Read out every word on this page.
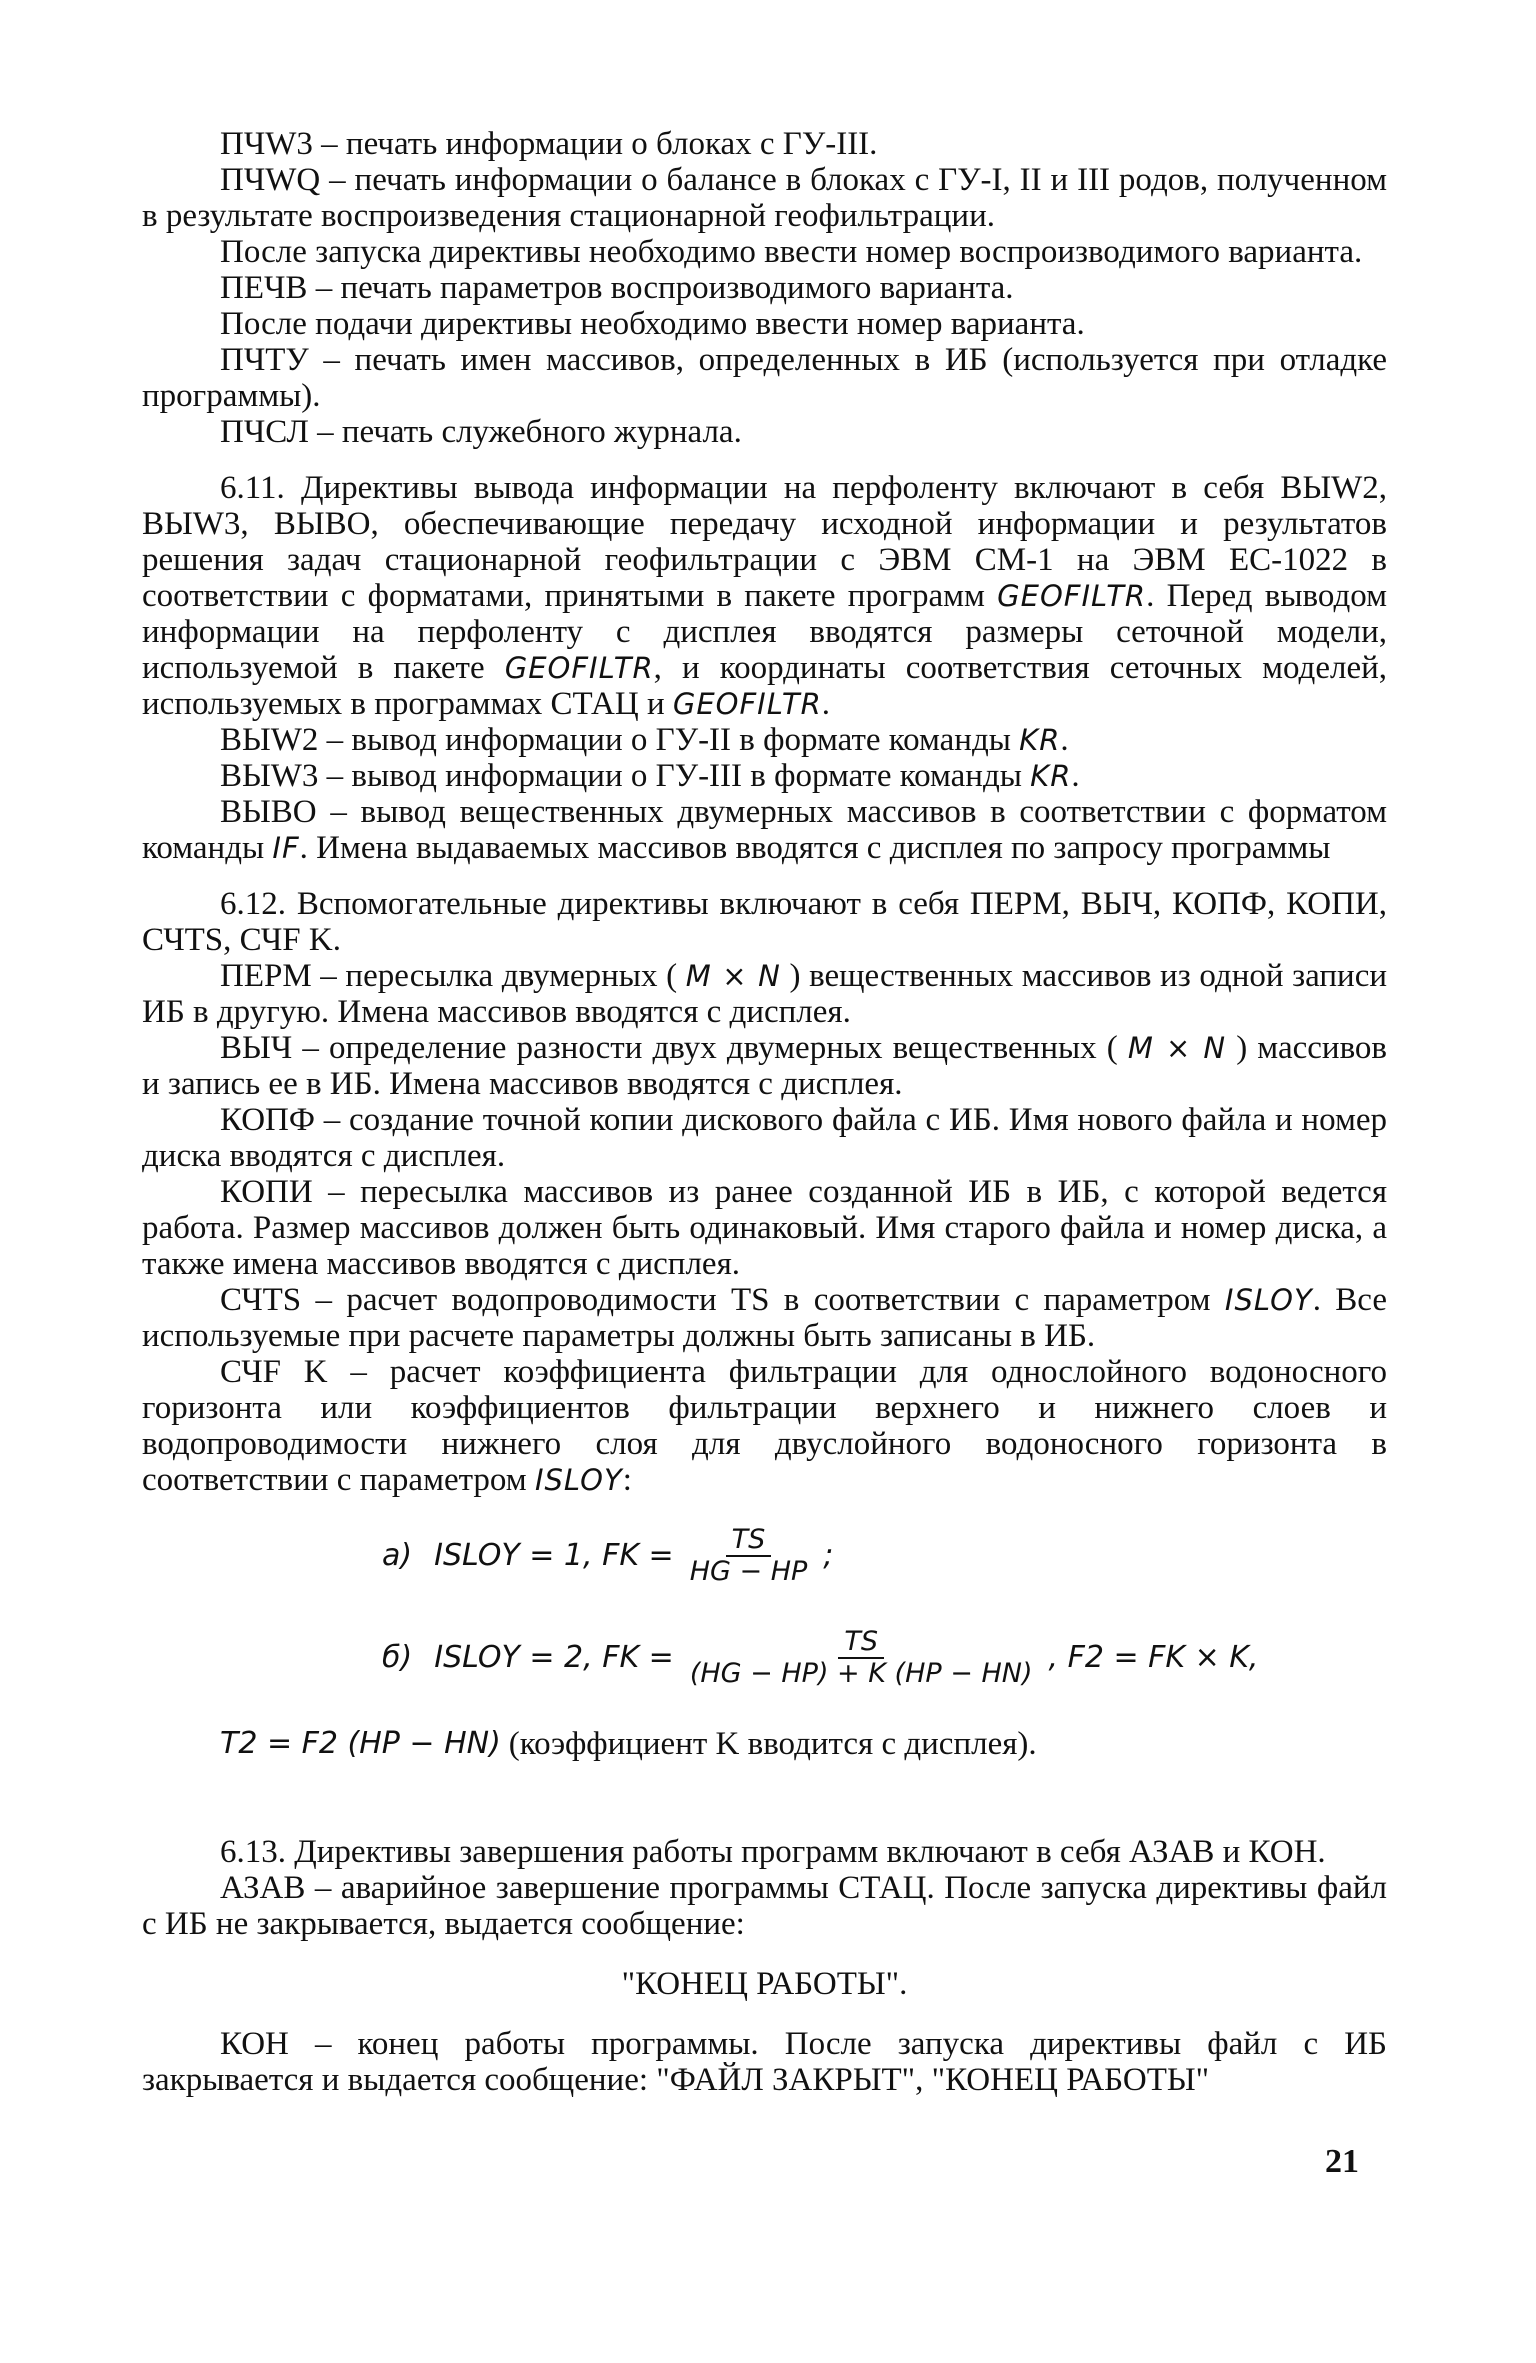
ПЧW3 – печать информации о блоках с ГУ-III.

ПЧWQ – печать информации о балансе в блоках с ГУ-I, II и III родов, полученном в результате воспроизведения стационарной геофильтрации.

После запуска директивы необходимо ввести номер воспроизводимого варианта.

ПЕЧВ – печать параметров воспроизводимого варианта.

После подачи директивы необходимо ввести номер варианта.

ПЧТУ – печать имен массивов, определенных в ИБ (используется при отладке программы).

ПЧСЛ – печать служебного журнала.

6.11. Директивы вывода информации на перфоленту включают в себя ВЫW2, ВЫW3, ВЫВО, обеспечивающие передачу исходной информации и результатов решения задач стационарной геофильтрации с ЭВМ СМ-1 на ЭВМ ЕС-1022 в соответствии с форматами, принятыми в пакете программ GEOFILTR. Перед выводом информации на перфоленту с дисплея вводятся размеры сеточной модели, используемой в пакете GEOFILTR, и координаты соответствия сеточных моделей, используемых в программах СТАЦ и GEOFILTR.

ВЫW2 – вывод информации о ГУ-II в формате команды KR.

ВЫW3 – вывод информации о ГУ-III в формате команды KR.

ВЫВО – вывод вещественных двумерных массивов в соответствии с форматом команды IF. Имена выдаваемых массивов вводятся с дисплея по запросу программы

6.12. Вспомогательные директивы включают в себя ПЕРМ, ВЫЧ, КОПФ, КОПИ, СЧТS, СЧF K.

ПЕРМ – пересылка двумерных ( M × N ) вещественных массивов из одной записи ИБ в другую. Имена массивов вводятся с дисплея.

ВЫЧ – определение разности двух двумерных вещественных ( M × N ) массивов и запись ее в ИБ. Имена массивов вводятся с дисплея.

КОПФ – создание точной копии дискового файла с ИБ. Имя нового файла и номер диска вводятся с дисплея.

КОПИ – пересылка массивов из ранее созданной ИБ в ИБ, с которой ведется работа. Размер массивов должен быть одинаковый. Имя старого файла и номер диска, а также имена массивов вводятся с дисплея.

СЧТS – расчет водопроводимости TS в соответствии с параметром ISLOY. Все используемые при расчете параметры должны быть записаны в ИБ.

СЧF K – расчет коэффициента фильтрации для однослойного водоносного горизонта или коэффициентов фильтрации верхнего и нижнего слоев и водопроводимости нижнего слоя для двуслойного водоносного горизонта в соответствии с параметром ISLOY:

а) ISLOY = 1, FK = $\frac{TS}{HG - HP}$ ;
б) ISLOY = 2, FK = $\frac{TS}{(HG - HP) + K (HP - HN)}$ , F2 = FK × K,
T2 = F2 (HP − HN) (коэффициент K вводится с дисплея).

6.13. Директивы завершения работы программ включают в себя АЗАВ и КОН.

АЗАВ – аварийное завершение программы СТАЦ. После запуска директивы файл с ИБ не закрывается, выдается сообщение:

"КОНЕЦ РАБОТЫ".

КОН – конец работы программы. После запуска директивы файл с ИБ закрывается и выдается сообщение: "ФАЙЛ ЗАКРЫТ", "КОНЕЦ РАБОТЫ"

21
